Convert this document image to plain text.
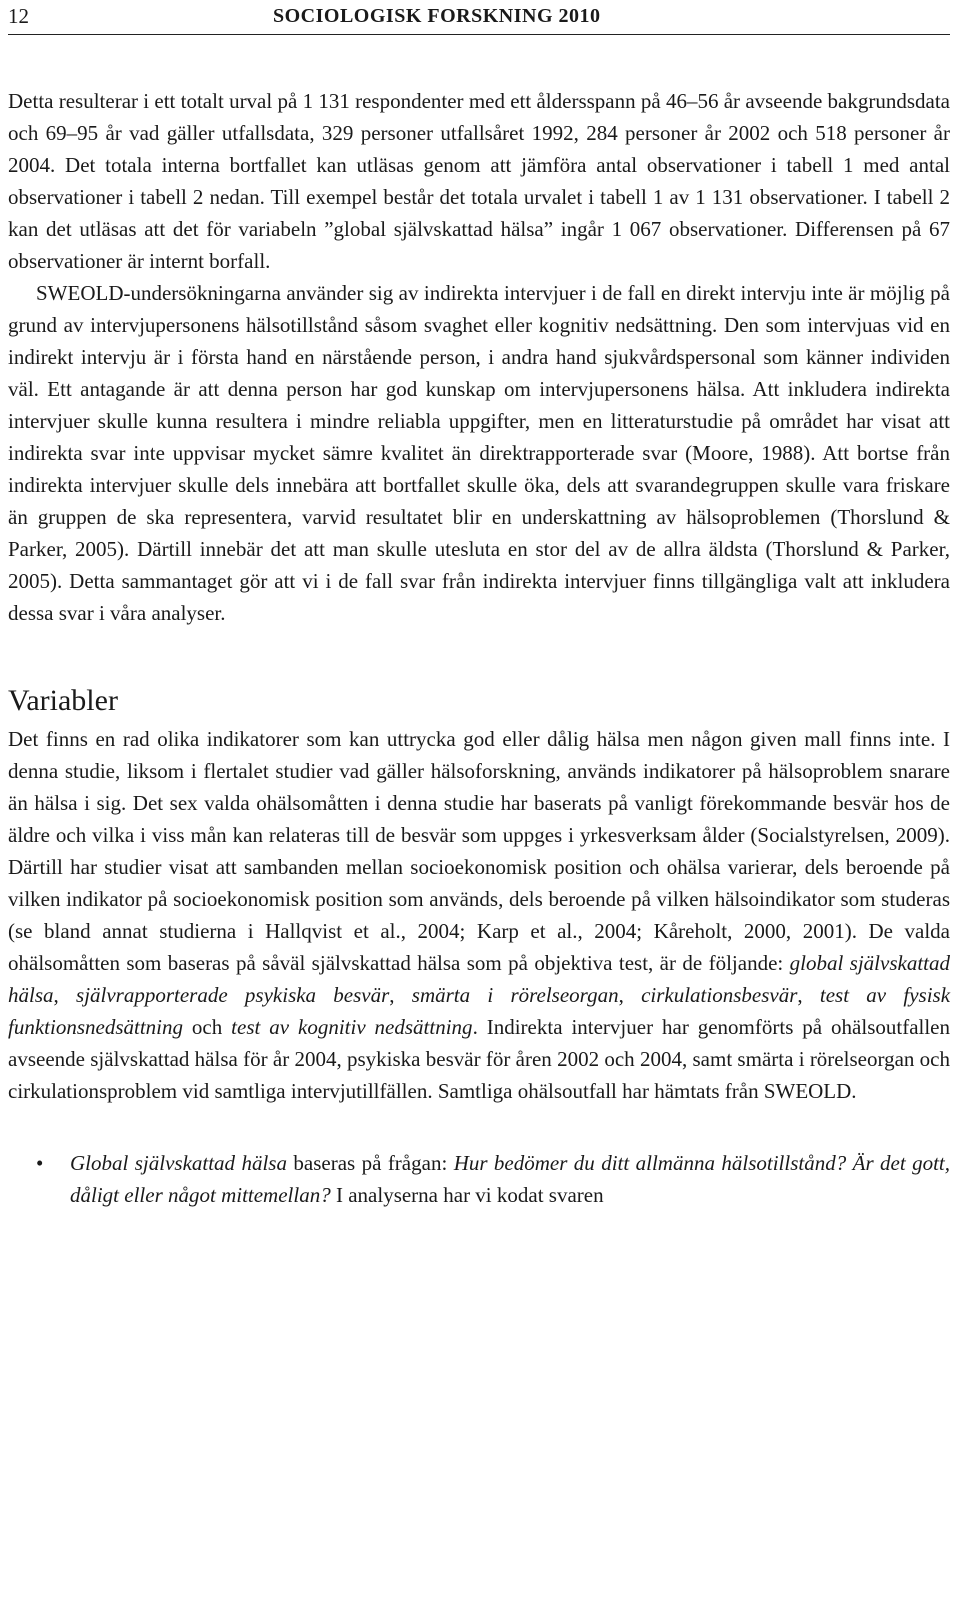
12	SOCIOLOGISK FORSKNING 2010

Detta resulterar i ett totalt urval på 1 131 respondenter med ett åldersspann på 46–56 år avseende bakgrundsdata och 69–95 år vad gäller utfallsdata, 329 personer utfallsåret 1992, 284 personer år 2002 och 518 personer år 2004. Det totala interna bortfallet kan utläsas genom att jämföra antal observationer i tabell 1 med antal observationer i tabell 2 nedan. Till exempel består det totala urvalet i tabell 1 av 1 131 observationer. I tabell 2 kan det utläsas att det för variabeln ”global självskattad hälsa” ingår 1 067 observationer. Differensen på 67 observationer är internt borfall.

SWEOLD-undersökningarna använder sig av indirekta intervjuer i de fall en direkt intervju inte är möjlig på grund av intervjupersonens hälsotillstånd såsom svaghet eller kognitiv nedsättning. Den som intervjuas vid en indirekt intervju är i första hand en närstående person, i andra hand sjukvårdspersonal som känner individen väl. Ett antagande är att denna person har god kunskap om intervjupersonens hälsa. Att inkludera indirekta intervjuer skulle kunna resultera i mindre reliabla uppgifter, men en litteraturstudie på området har visat att indirekta svar inte uppvisar mycket sämre kvalitet än direktrapporterade svar (Moore, 1988). Att bortse från indirekta intervjuer skulle dels innebära att bortfallet skulle öka, dels att svarandegruppen skulle vara friskare än gruppen de ska representera, varvid resultatet blir en underskattning av hälsoproblemen (Thorslund & Parker, 2005). Därtill innebär det att man skulle utesluta en stor del av de allra äldsta (Thorslund & Parker, 2005). Detta sammantaget gör att vi i de fall svar från indirekta intervjuer finns tillgängliga valt att inkludera dessa svar i våra analyser.

Variabler

Det finns en rad olika indikatorer som kan uttrycka god eller dålig hälsa men någon given mall finns inte. I denna studie, liksom i flertalet studier vad gäller hälsoforskning, används indikatorer på hälsoproblem snarare än hälsa i sig. Det sex valda ohälsomåtten i denna studie har baserats på vanligt förekommande besvär hos de äldre och vilka i viss mån kan relateras till de besvär som uppges i yrkesverksam ålder (Socialstyrelsen, 2009). Därtill har studier visat att sambanden mellan socioekonomisk position och ohälsa varierar, dels beroende på vilken indikator på socioekonomisk position som används, dels beroende på vilken hälsoindikator som studeras (se bland annat studierna i Hallqvist et al., 2004; Karp et al., 2004; Kåreholt, 2000, 2001). De valda ohälsomåtten som baseras på såväl självskattad hälsa som på objektiva test, är de följande: global självskattad hälsa, självrapporterade psykiska besvär, smärta i rörelseorgan, cirkulationsbesvär, test av fysisk funktionsnedsättning och test av kognitiv nedsättning. Indirekta intervjuer har genomförts på ohälsoutfallen avseende självskattad hälsa för år 2004, psykiska besvär för åren 2002 och 2004, samt smärta i rörelseorgan och cirkulationsproblem vid samtliga intervjutillfällen. Samtliga ohälsoutfall har hämtats från SWEOLD.

• Global självskattad hälsa baseras på frågan: Hur bedömer du ditt allmänna hälsotillstånd? Är det gott, dåligt eller något mittemellan? I analyserna har vi kodat svaren
